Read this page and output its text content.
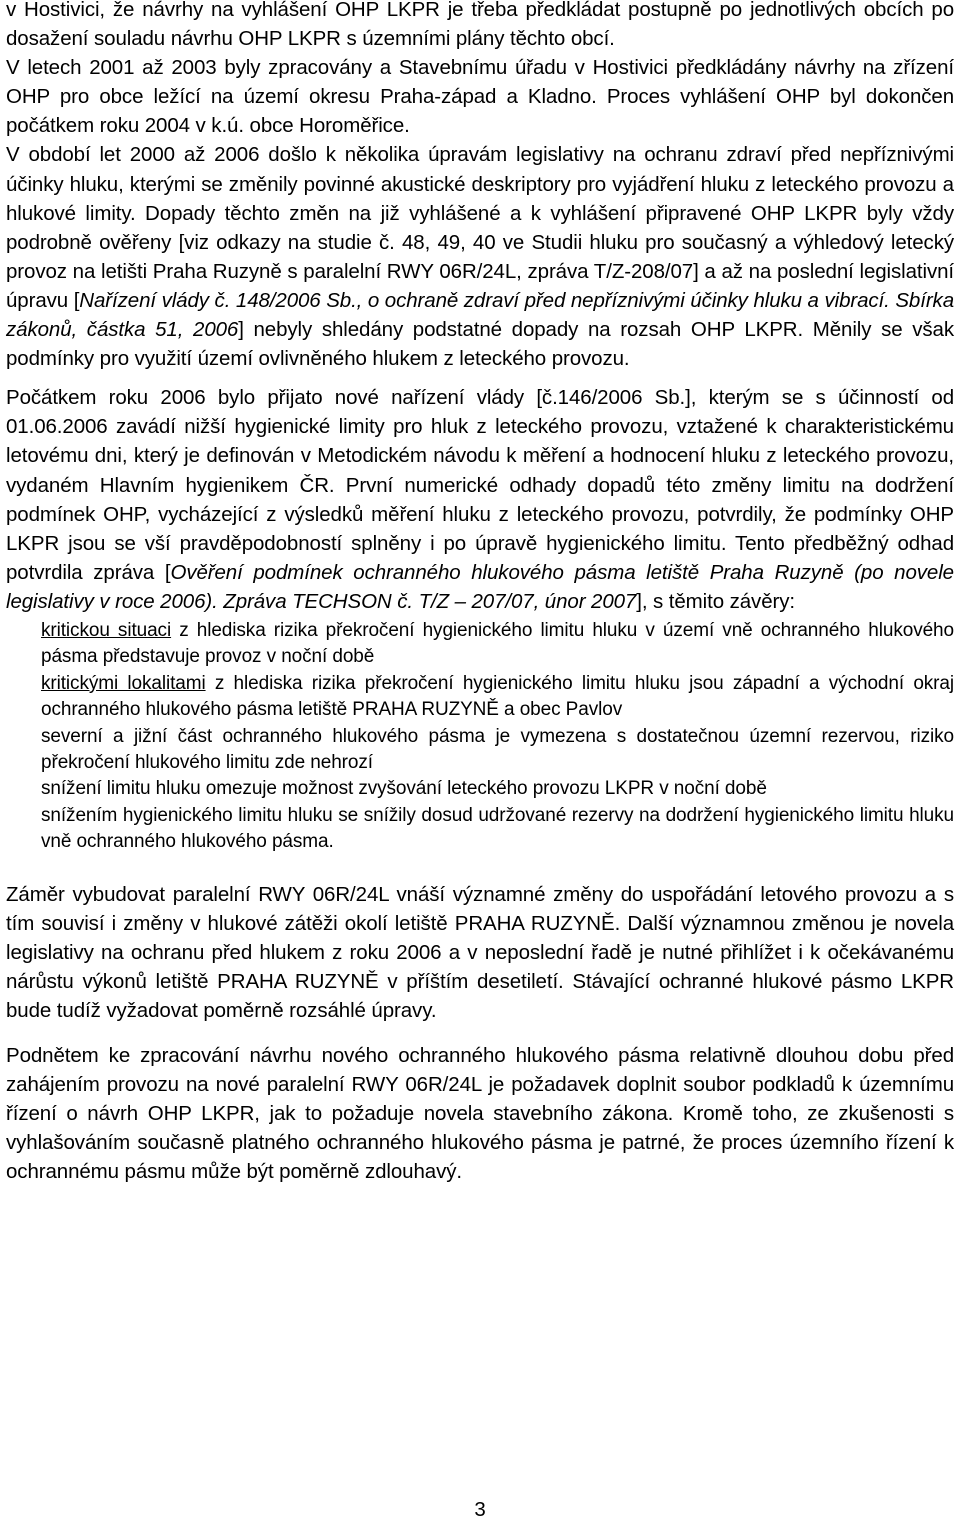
v Hostivici, že návrhy na vyhlášení OHP LKPR je třeba předkládat postupně po jednotlivých obcích po dosažení souladu návrhu OHP LKPR s územními plány těchto obcí.

V letech 2001 až 2003 byly zpracovány a Stavebnímu úřadu v Hostivici předkládány návrhy na zřízení OHP pro obce ležící na území okresu Praha-západ a Kladno. Proces vyhlášení OHP byl dokončen počátkem roku 2004 v k.ú. obce Horoměřice.

V období let 2000 až 2006 došlo k několika úpravám legislativy na ochranu zdraví před nepříznivými účinky hluku, kterými se změnily povinné akustické deskriptory pro vyjádření hluku z leteckého provozu a hlukové limity. Dopady těchto změn na již vyhlášené a k vyhlášení připravené OHP LKPR byly vždy podrobně ověřeny [viz odkazy na studie č. 48, 49, 40 ve Studii hluku pro současný a výhledový letecký provoz na letišti Praha Ruzyně s paralelní RWY 06R/24L, zpráva T/Z-208/07] a až na poslední legislativní úpravu [Nařízení vlády č. 148/2006 Sb., o ochraně zdraví před nepříznivými účinky hluku a vibrací. Sbírka zákonů, částka 51, 2006] nebyly shledány podstatné dopady na rozsah OHP LKPR. Měnily se však podmínky pro využití území ovlivněného hlukem z leteckého provozu.

Počátkem roku 2006 bylo přijato nové nařízení vlády [č.146/2006 Sb.], kterým se s účinností od 01.06.2006 zavádí nižší hygienické limity pro hluk z leteckého provozu, vztažené k charakteristickému letovému dni, který je definován v Metodickém návodu k měření a hodnocení hluku z leteckého provozu, vydaném Hlavním hygienikem ČR. První numerické odhady dopadů této změny limitu na dodržení podmínek OHP, vycházející z výsledků měření hluku z leteckého provozu, potvrdily, že podmínky OHP LKPR jsou se vší pravděpodobností splněny i po úpravě hygienického limitu. Tento předběžný odhad potvrdila zpráva [Ověření podmínek ochranného hlukového pásma letiště Praha Ruzyně (po novele legislativy v roce 2006). Zpráva TECHSON č. T/Z – 207/07, únor 2007], s těmito závěry:

kritickou situaci z hlediska rizika překročení hygienického limitu hluku v území vně ochranného hlukového pásma představuje provoz v noční době

kritickými lokalitami z hlediska rizika překročení hygienického limitu hluku jsou západní a východní okraj ochranného hlukového pásma letiště PRAHA RUZYNĚ a obec Pavlov

severní a jižní část ochranného hlukového pásma je vymezena s dostatečnou územní rezervou, riziko překročení hlukového limitu zde nehrozí

snížení limitu hluku omezuje možnost zvyšování leteckého provozu LKPR v noční době

snížením hygienického limitu hluku se snížily dosud udržované rezervy na dodržení hygienického limitu hluku vně ochranného hlukového pásma.

Záměr vybudovat paralelní RWY 06R/24L vnáší významné změny do uspořádání letového provozu a s tím souvisí i změny v hlukové zátěži okolí letiště PRAHA RUZYNĚ. Další významnou změnou je novela legislativy na ochranu před hlukem z roku 2006 a v neposlední řadě je nutné přihlížet i k očekávanému nárůstu výkonů letiště PRAHA RUZYNĚ v příštím desetiletí. Stávající ochranné hlukové pásmo LKPR bude tudíž vyžadovat poměrně rozsáhlé úpravy.

Podnětem ke zpracování návrhu nového ochranného hlukového pásma relativně dlouhou dobu před zahájením provozu na nové paralelní RWY 06R/24L je požadavek doplnit soubor podkladů k územnímu řízení o návrh OHP LKPR, jak to požaduje novela stavebního zákona. Kromě toho, ze zkušenosti s vyhlašováním současně platného ochranného hlukového pásma je patrné, že proces územního řízení k ochrannému pásmu může být poměrně zdlouhavý.

3
